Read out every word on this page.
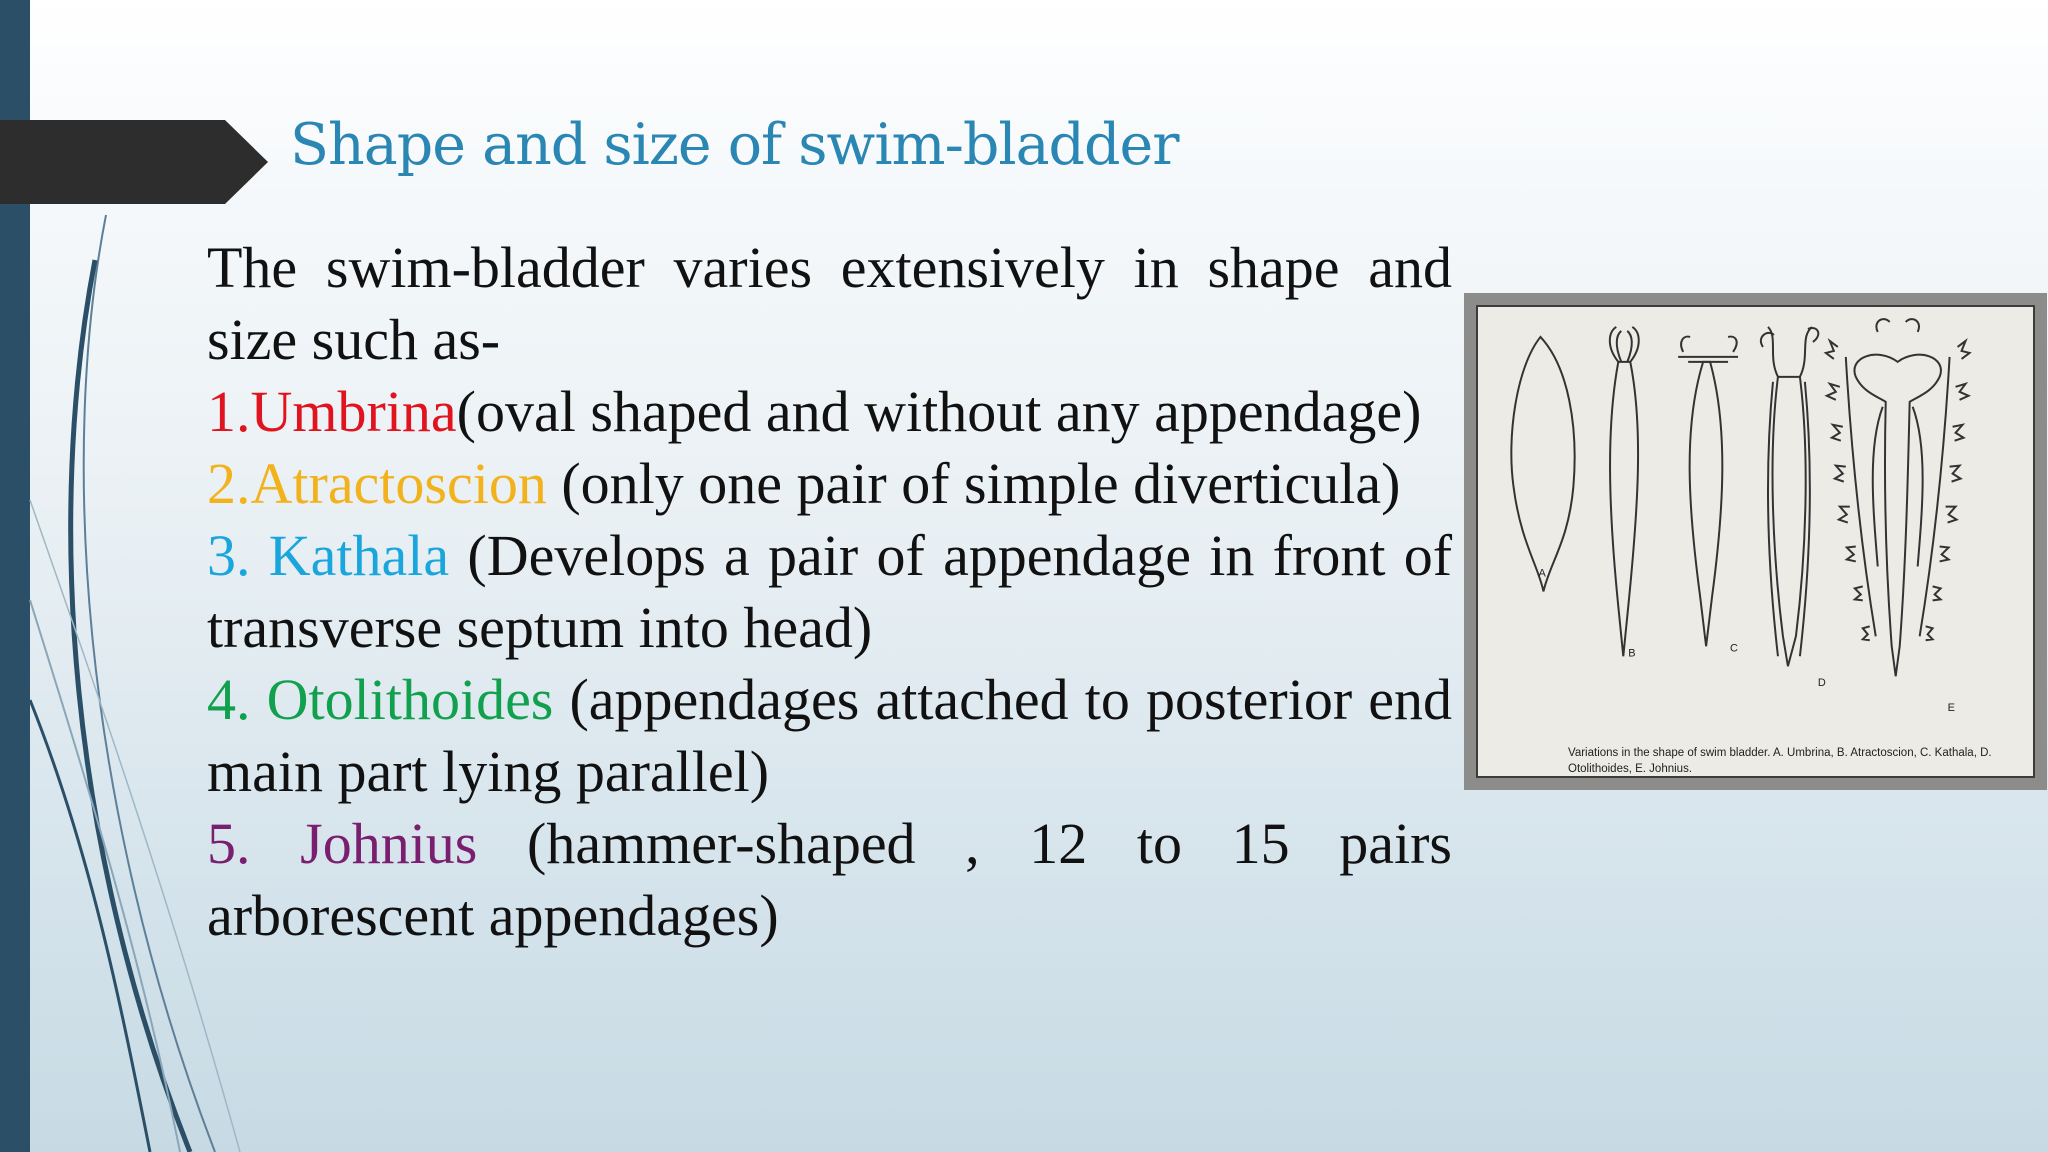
Shape and size of swim-bladder

The swim-bladder varies extensively in shape and size such as-

1.Umbrina(oval shaped and without any appendage)

2.Atractoscion (only one pair of simple diverticula)

3. Kathala (Develops a pair of appendage in front of transverse septum into head)

4. Otolithoides (appendages attached to posterior end main part lying parallel)

5. Johnius (hammer-shaped , 12 to 15 pairs arborescent appendages)

A
B	C
D
E
Variations in the shape of swim bladder. A. Umbrina, B. Atractoscion, C. Kathala, D. Otolithoides, E. Johnius.
